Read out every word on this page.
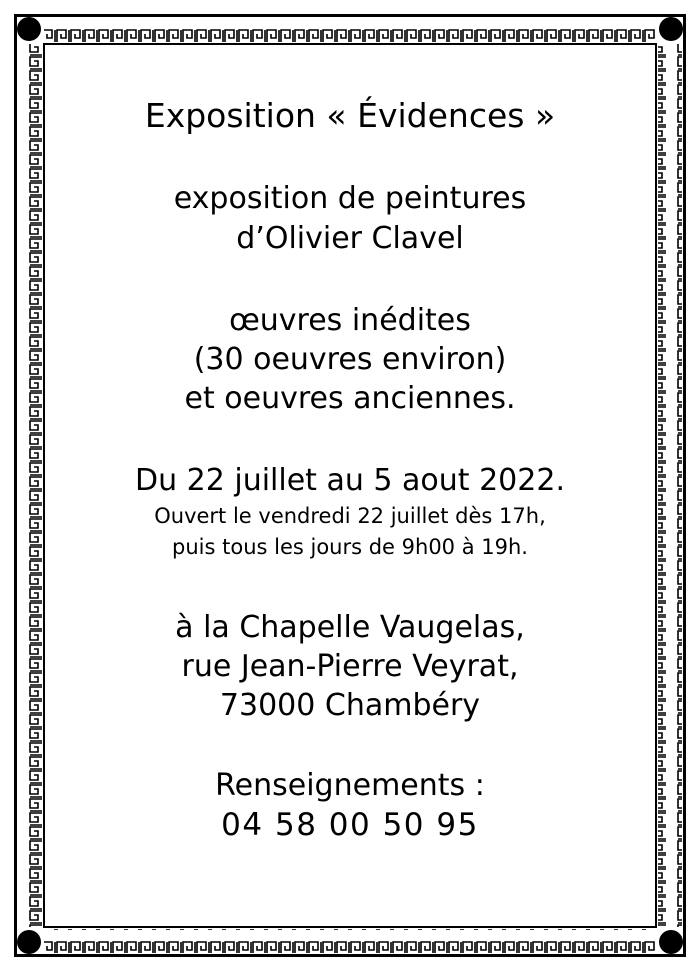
Exposition « Évidences »
exposition de peintures
d’Olivier Clavel
œuvres inédites
(30 oeuvres environ)
et oeuvres anciennes.
Du 22 juillet au 5 aout 2022.
Ouvert le vendredi 22 juillet dès 17h,
puis tous les jours de 9h00 à 19h.
à la Chapelle Vaugelas,
rue Jean-Pierre Veyrat,
73000 Chambéry
Renseignements :
04 58 00 50 95
